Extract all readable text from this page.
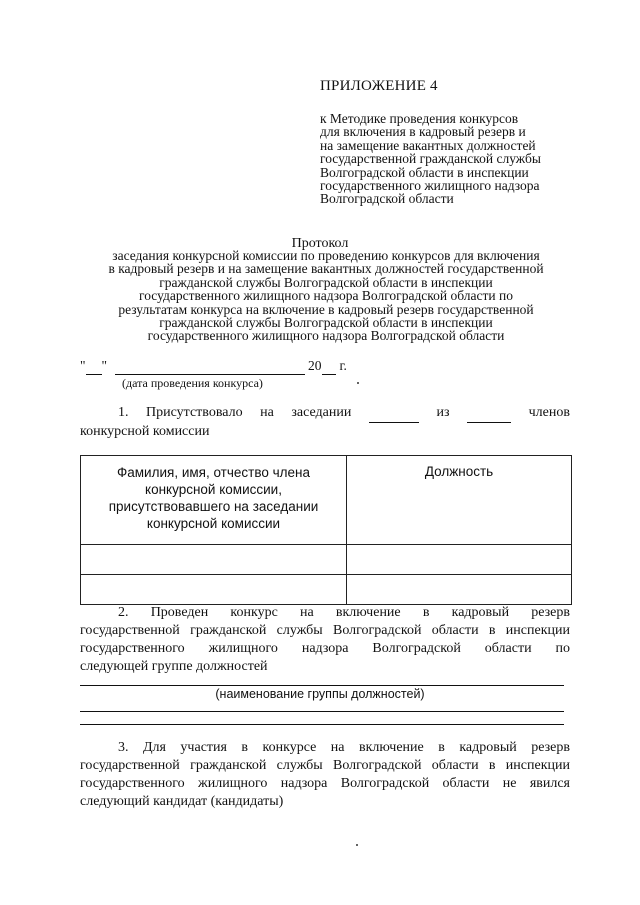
ПРИЛОЖЕНИЕ 4
к Методике проведения конкурсов
для включения в кадровый резерв и
на замещение вакантных должностей
государственной гражданской службы
Волгоградской области в инспекции
государственного жилищного надзора
Волгоградской области
Протокол
заседания конкурсной комиссии по проведению конкурсов для включения
в кадровый резерв и на замещение вакантных должностей государственной
гражданской службы Волгоградской области в инспекции
государственного жилищного надзора Волгоградской области по
результатам конкурса на включение в кадровый резерв государственной
гражданской службы Волгоградской области в инспекции
государственного жилищного надзора Волгоградской области
" "	20 г.
(дата проведения конкурса)
1. Присутствовало на заседании
	из
	членов
конкурсной комиссии
Фамилия, имя, отчество члена
конкурсной комиссии,
присутствовавшего на заседании
конкурсной комиссии	Должность

2. Проведен конкурс на включение в кадровый резерв
государственной гражданской службы Волгоградской области в инспекции
государственного жилищного надзора Волгоградской области по
следующей группе должностей
(наименование группы должностей)
3. Для участия в конкурсе на включение в кадровый резерв
государственной гражданской службы Волгоградской области в инспекции
государственного жилищного надзора Волгоградской области не явился
следующий кандидат (кандидаты)
